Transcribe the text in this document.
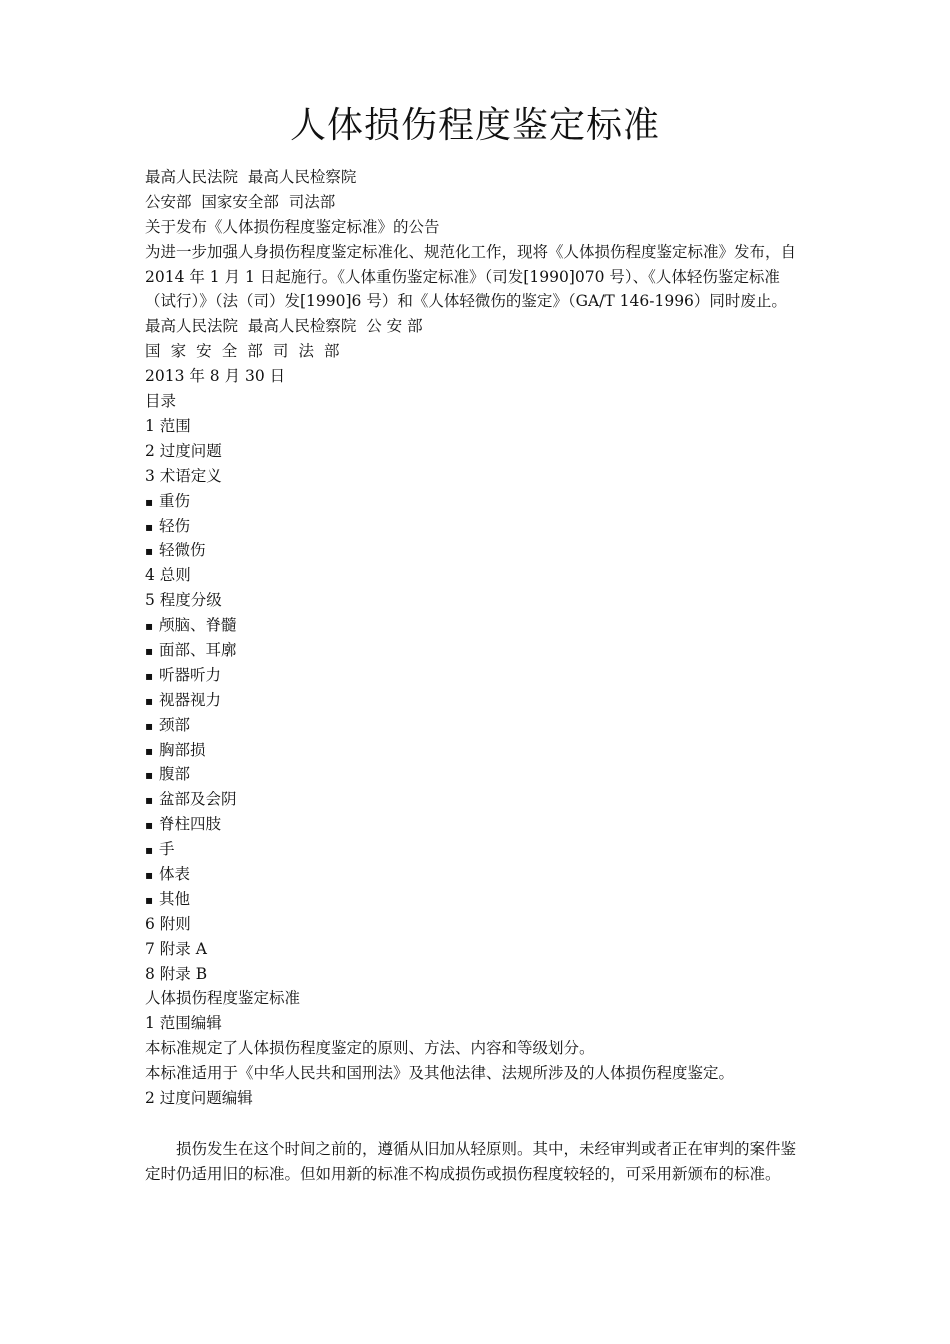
人体损伤程度鉴定标准
最高人民法院  最高人民检察院
公安部  国家安全部  司法部
关于发布《人体损伤程度鉴定标准》的公告
为进一步加强人身损伤程度鉴定标准化、规范化工作，现将《人体损伤程度鉴定标准》发布，自 2014 年 1 月 1 日起施行。《人体重伤鉴定标准》（司发[1990]070 号）、《人体轻伤鉴定标准（试行）》（法（司）发[1990]6 号）和《人体轻微伤的鉴定》（GA/T 146-1996）同时废止。
最高人民法院  最高人民检察院  公 安 部
国家安全部司法部
2013 年 8 月 30 日
目录
1 范围
2 过度问题
3 术语定义
▪ 重伤
▪ 轻伤
▪ 轻微伤
4 总则
5 程度分级
▪ 颅脑、脊髓
▪ 面部、耳廓
▪ 听器听力
▪ 视器视力
▪ 颈部
▪ 胸部损
▪ 腹部
▪ 盆部及会阴
▪ 脊柱四肢
▪ 手
▪ 体表
▪ 其他
6 附则
7 附录 A
8 附录 B
人体损伤程度鉴定标准
1 范围编辑
本标准规定了人体损伤程度鉴定的原则、方法、内容和等级划分。
本标准适用于《中华人民共和国刑法》及其他法律、法规所涉及的人体损伤程度鉴定。
2 过度问题编辑
损伤发生在这个时间之前的，遵循从旧加从轻原则。其中，未经审判或者正在审判的案件鉴定时仍适用旧的标准。但如用新的标准不构成损伤或损伤程度较轻的，可采用新颁布的标准。
